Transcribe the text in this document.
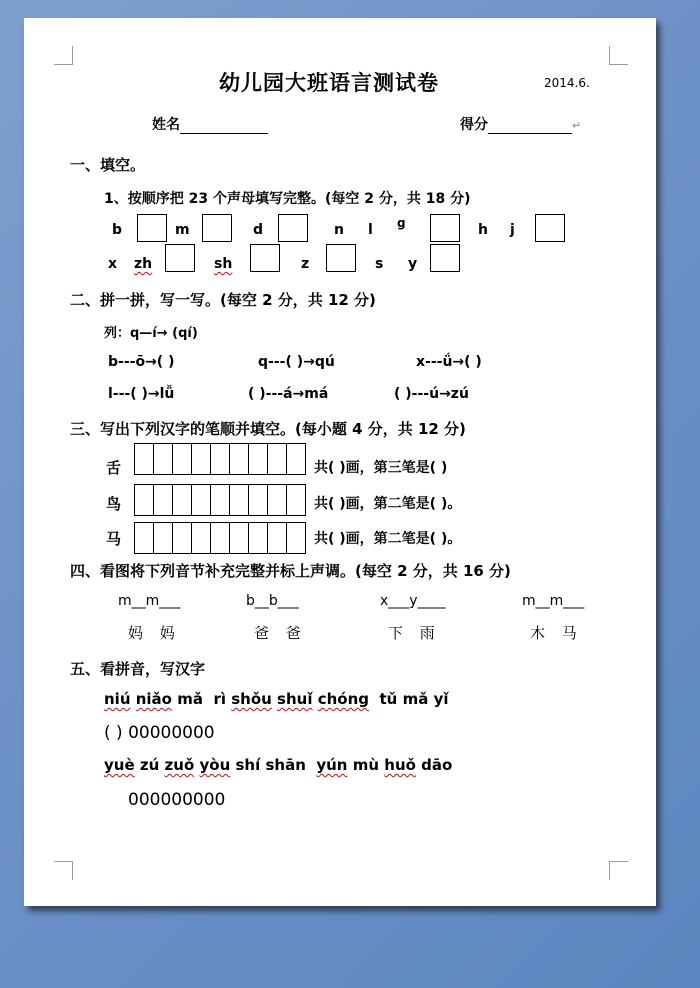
幼儿园大班语言测试卷	2014.6.
姓名	得分	↵
一、填空。
1、按顺序把 23 个声母填写完整。(每空 2 分，共 18 分)
b	m	d	n l g	h j
x zh	sh	z	s y
二、拼一拼，写一写。(每空 2 分，共 12 分)
列：q—í→ (qí)
b---ō→( )	q---( )→qú	x---ǘ→( )
l---( )→lǚ	( )---á→má	( )---ú→zú
三、写出下列汉字的笔顺并填空。(每小题 4 分，共 12 分)
舌	共( )画，第三笔是( )
鸟	共( )画，第二笔是( )。
马	共( )画，第二笔是( )。
四、看图将下列音节补充完整并标上声调。(每空 2 分，共 16 分)
m__m___	b__b___	x___y____	m__m___
妈 妈	爸 爸	下 雨	木 马
五、看拼音，写汉字
niú niǎo mǎ rì shǒu shuǐ chóng tǔ mǎ yǐ
( ) 00000000
yuè zú zuǒ yòu shí shān yún mù huǒ dāo
000000000
